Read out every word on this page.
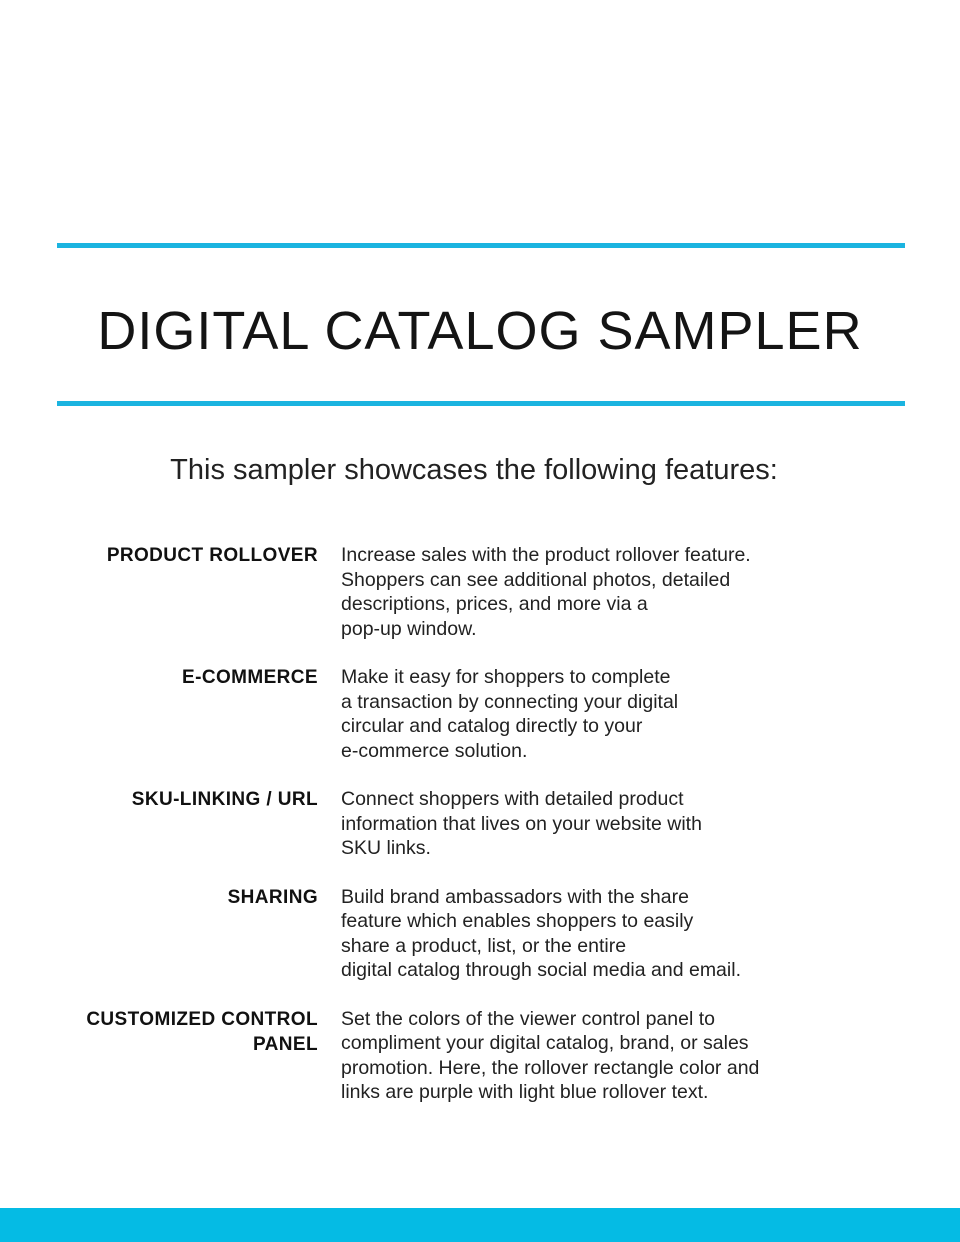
DIGITAL CATALOG SAMPLER

This sampler showcases the following features:

PRODUCT ROLLOVER Increase sales with the product rollover feature.
Shoppers can see additional photos, detailed
descriptions, prices, and more via a
pop-up window.
E-COMMERCE Make it easy for shoppers to complete
a transaction by connecting your digital
circular and catalog directly to your
e-commerce solution.
SKU-LINKING / URL Connect shoppers with detailed product
information that lives on your website with
SKU links.
SHARING Build brand ambassadors with the share
feature which enables shoppers to easily
share a product, list, or the entire
digital catalog through social media and email.
CUSTOMIZED CONTROL
PANEL
Set the colors of the viewer control panel to
compliment your digital catalog, brand, or sales
promotion. Here, the rollover rectangle color and
links are purple with light blue rollover text.
